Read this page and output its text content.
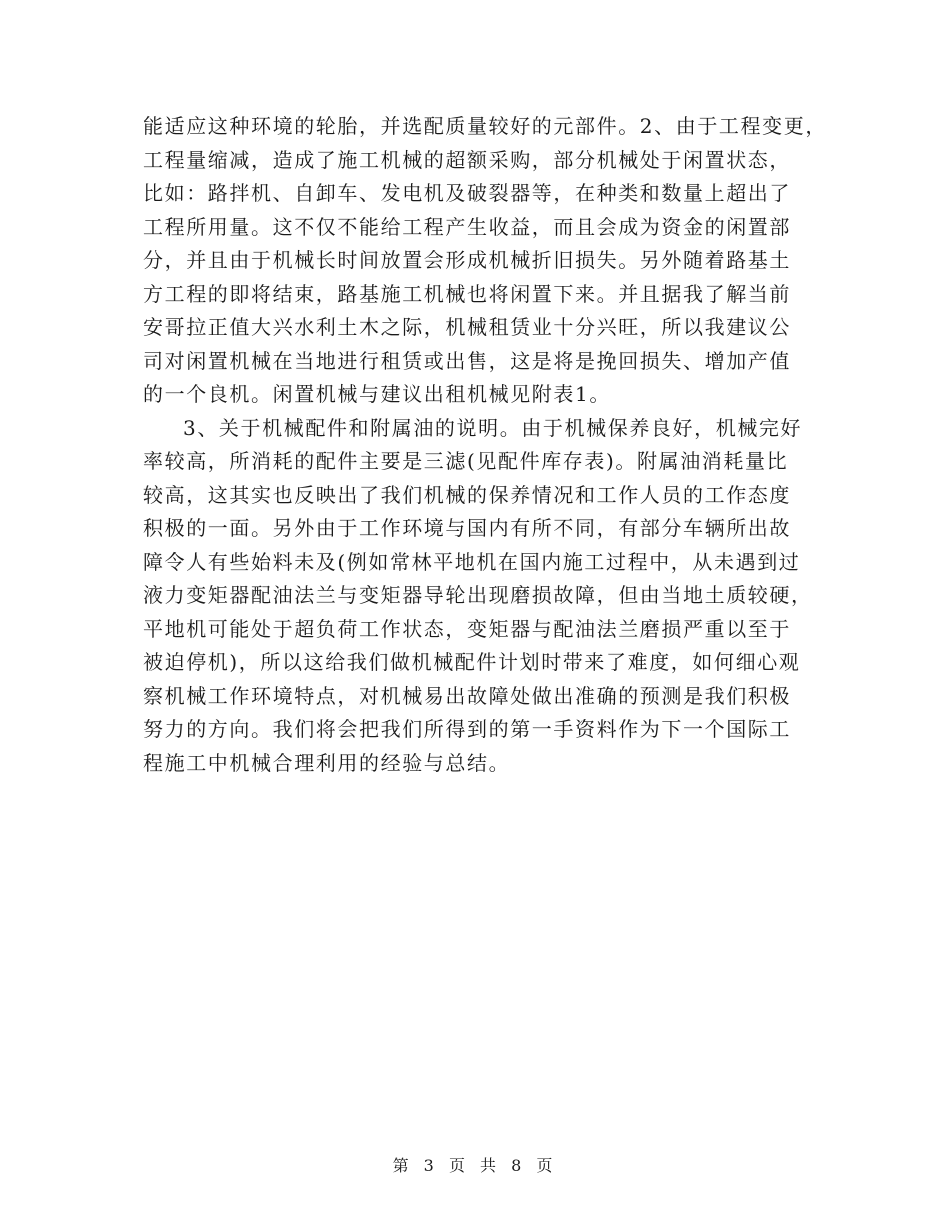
能适应这种环境的轮胎，并选配质量较好的元部件。2、由于工程变更，
工程量缩减，造成了施工机械的超额采购，部分机械处于闲置状态，
比如：路拌机、自卸车、发电机及破裂器等，在种类和数量上超出了
工程所用量。这不仅不能给工程产生收益，而且会成为资金的闲置部
分，并且由于机械长时间放置会形成机械折旧损失。另外随着路基土
方工程的即将结束，路基施工机械也将闲置下来。并且据我了解当前
安哥拉正值大兴水利土木之际，机械租赁业十分兴旺，所以我建议公
司对闲置机械在当地进行租赁或出售，这是将是挽回损失、增加产值
的一个良机。闲置机械与建议出租机械见附表1。
3、关于机械配件和附属油的说明。由于机械保养良好，机械完好
率较高，所消耗的配件主要是三滤(见配件库存表)。附属油消耗量比
较高，这其实也反映出了我们机械的保养情况和工作人员的工作态度
积极的一面。另外由于工作环境与国内有所不同，有部分车辆所出故
障令人有些始料未及(例如常林平地机在国内施工过程中，从未遇到过
液力变矩器配油法兰与变矩器导轮出现磨损故障，但由当地土质较硬，
平地机可能处于超负荷工作状态，变矩器与配油法兰磨损严重以至于
被迫停机)，所以这给我们做机械配件计划时带来了难度，如何细心观
察机械工作环境特点，对机械易出故障处做出准确的预测是我们积极
努力的方向。我们将会把我们所得到的第一手资料作为下一个国际工
程施工中机械合理利用的经验与总结。
第 3 页 共 8 页
